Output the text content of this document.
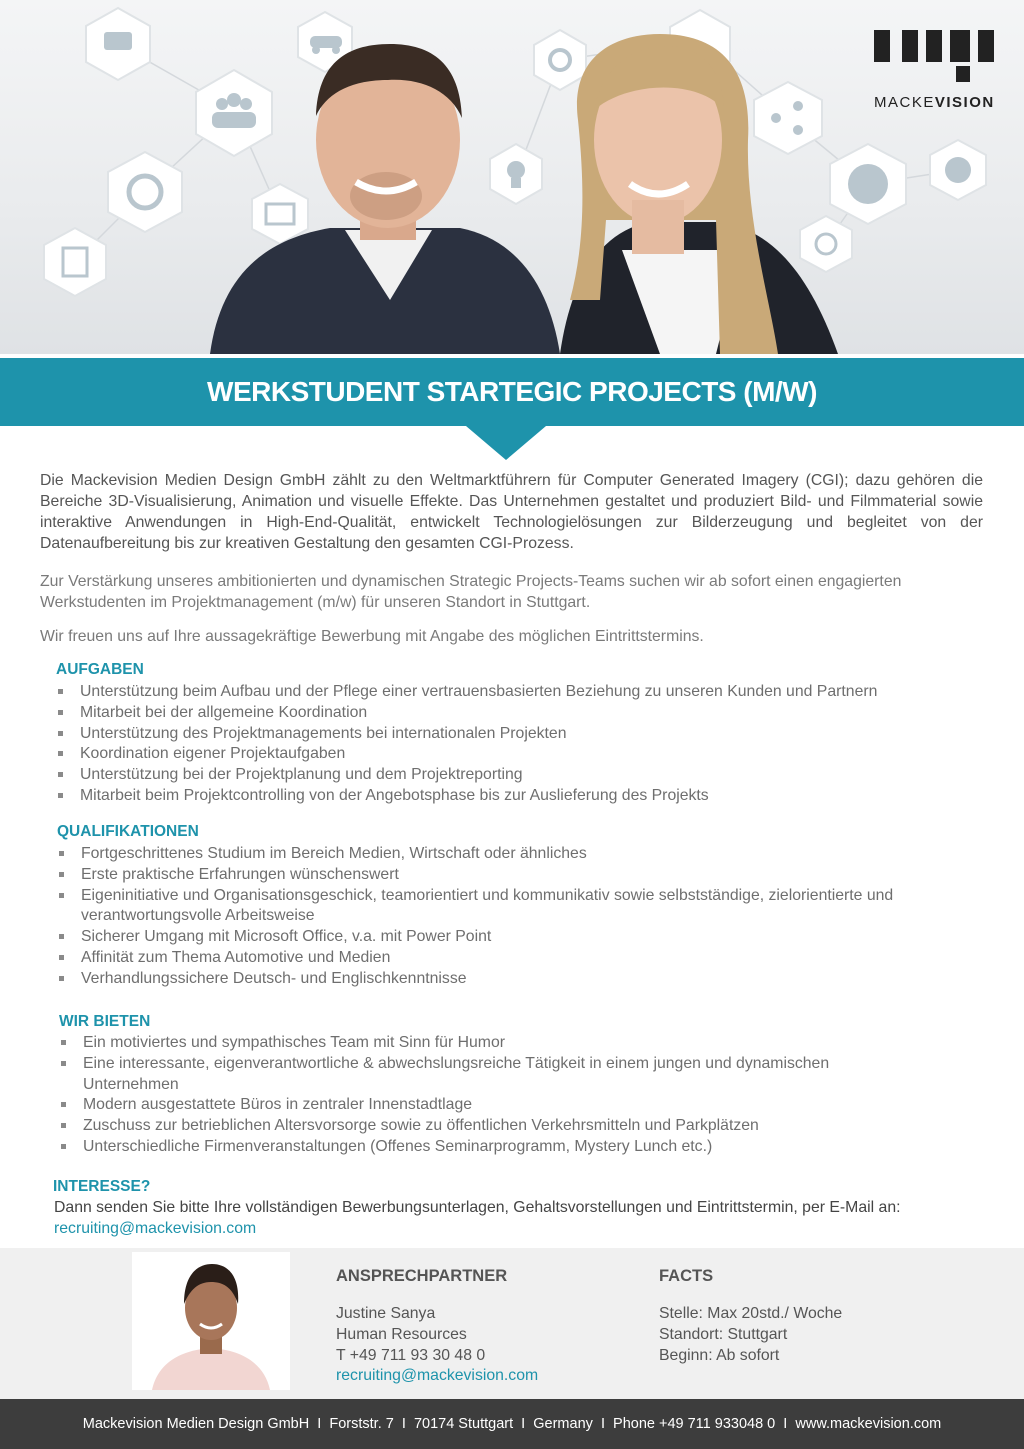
MACKEVISION
WERKSTUDENT STARTEGIC PROJECTS (M/W)
Die Mackevision Medien Design GmbH zählt zu den Weltmarktführern für Computer Generated Imagery (CGI); dazu gehören die Bereiche 3D-Visualisierung, Animation und visuelle Effekte. Das Unternehmen gestaltet und produziert Bild- und Filmmaterial sowie interaktive Anwendungen in High-End-Qualität, entwickelt Technologielösungen zur Bilderzeugung und begleitet von der Datenaufbereitung bis zur kreativen Gestaltung den gesamten CGI-Prozess.
Zur Verstärkung unseres ambitionierten und dynamischen Strategic Projects-Teams suchen wir ab sofort einen engagierten Werkstudenten im Projektmanagement (m/w) für unseren Standort in Stuttgart.
Wir freuen uns auf Ihre aussagekräftige Bewerbung mit Angabe des möglichen Eintrittstermins.
AUFGABEN
Unterstützung beim Aufbau und der Pflege einer vertrauensbasierten Beziehung zu unseren Kunden und Partnern
Mitarbeit bei der allgemeine Koordination
Unterstützung des Projektmanagements bei internationalen Projekten
Koordination eigener Projektaufgaben
Unterstützung bei der Projektplanung und dem Projektreporting
Mitarbeit beim Projektcontrolling von der Angebotsphase bis zur Auslieferung des Projekts
QUALIFIKATIONEN
Fortgeschrittenes Studium im Bereich Medien, Wirtschaft oder ähnliches
Erste praktische Erfahrungen wünschenswert
Eigeninitiative und Organisationsgeschick, teamorientiert und kommunikativ sowie selbstständige, zielorientierte und verantwortungsvolle Arbeitsweise
Sicherer Umgang mit Microsoft Office, v.a. mit Power Point
Affinität zum Thema Automotive und Medien
Verhandlungssichere Deutsch- und Englischkenntnisse
WIR BIETEN
Ein motiviertes und sympathisches Team mit Sinn für Humor
Eine interessante, eigenverantwortliche & abwechslungsreiche Tätigkeit in einem jungen und dynamischen Unternehmen
Modern ausgestattete Büros in zentraler Innenstadtlage
Zuschuss zur betrieblichen Altersvorsorge sowie zu öffentlichen Verkehrsmitteln und Parkplätzen
Unterschiedliche Firmenveranstaltungen (Offenes Seminarprogramm, Mystery Lunch etc.)
INTERESSE?
Dann senden Sie bitte Ihre vollständigen Bewerbungsunterlagen, Gehaltsvorstellungen und Eintrittstermin, per E-Mail an: recruiting@mackevision.com
ANSPRECHPARTNER
Justine Sanya
Human Resources
T +49 711 93 30 48 0
recruiting@mackevision.com
FACTS
Stelle: Max 20std./ Woche
Standort: Stuttgart
Beginn: Ab sofort
Mackevision Medien Design GmbH  I  Forststr. 7  I  70174 Stuttgart  I  Germany  I  Phone +49 711 933048 0  I  www.mackevision.com
